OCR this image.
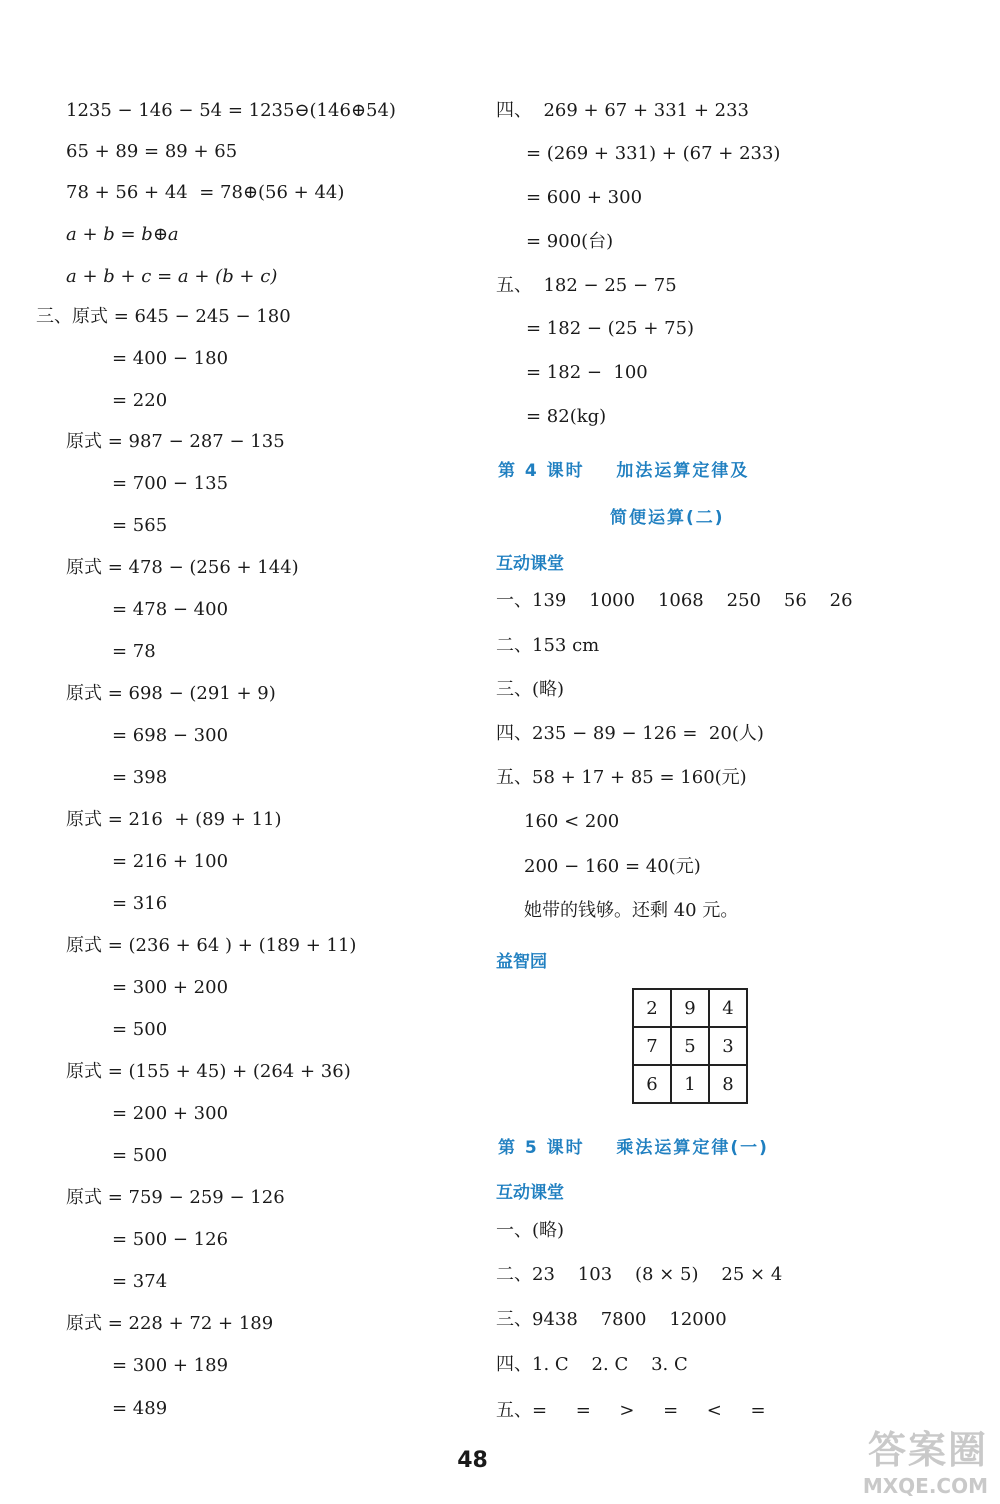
1235 − 146 − 54 = 1235⊖(146⊕54)
65 + 89 = 89 + 65
78 + 56 + 44  = 78⊕(56 + 44)
a + b = b⊕a
a + b + c = a + (b + c)
三、原式 = 645 − 245 − 180
= 400 − 180
= 220
原式 = 987 − 287 − 135
= 700 − 135
= 565
原式 = 478 − (256 + 144)
= 478 − 400
= 78
原式 = 698 − (291 + 9)
= 698 − 300
= 398
原式 = 216  + (89 + 11)
= 216 + 100
= 316
原式 = (236 + 64 ) + (189 + 11)
= 300 + 200
= 500
原式 = (155 + 45) + (264 + 36)
= 200 + 300
= 500
原式 = 759 − 259 − 126
= 500 − 126
= 374
原式 = 228 + 72 + 189
= 300 + 189
= 489
四、  269 + 67 + 331 + 233
= (269 + 331) + (67 + 233)
= 600 + 300
= 900(台)
五、  182 − 25 − 75
= 182 − (25 + 75)
= 182 −  100
= 82(kg)
第 4 课时    加法运算定律及
简便运算(二)
互动课堂
一、139    1000    1068    250    56    26
二、153 cm
三、(略)
四、235 − 89 − 126 =  20(人)
五、58 + 17 + 85 = 160(元)
160 < 200
200 − 160 = 40(元)
她带的钱够。还剩 40 元。
益智园
2	9	4
7	5	3
6	1	8
第 5 课时    乘法运算定律(一)
互动课堂
一、(略)
二、23    103    (8 × 5)    25 × 4
三、9438    7800    12000
四、1. C    2. C    3. C
五、=     =     >     =     <     =
48	答案圈
MXQE.COM
